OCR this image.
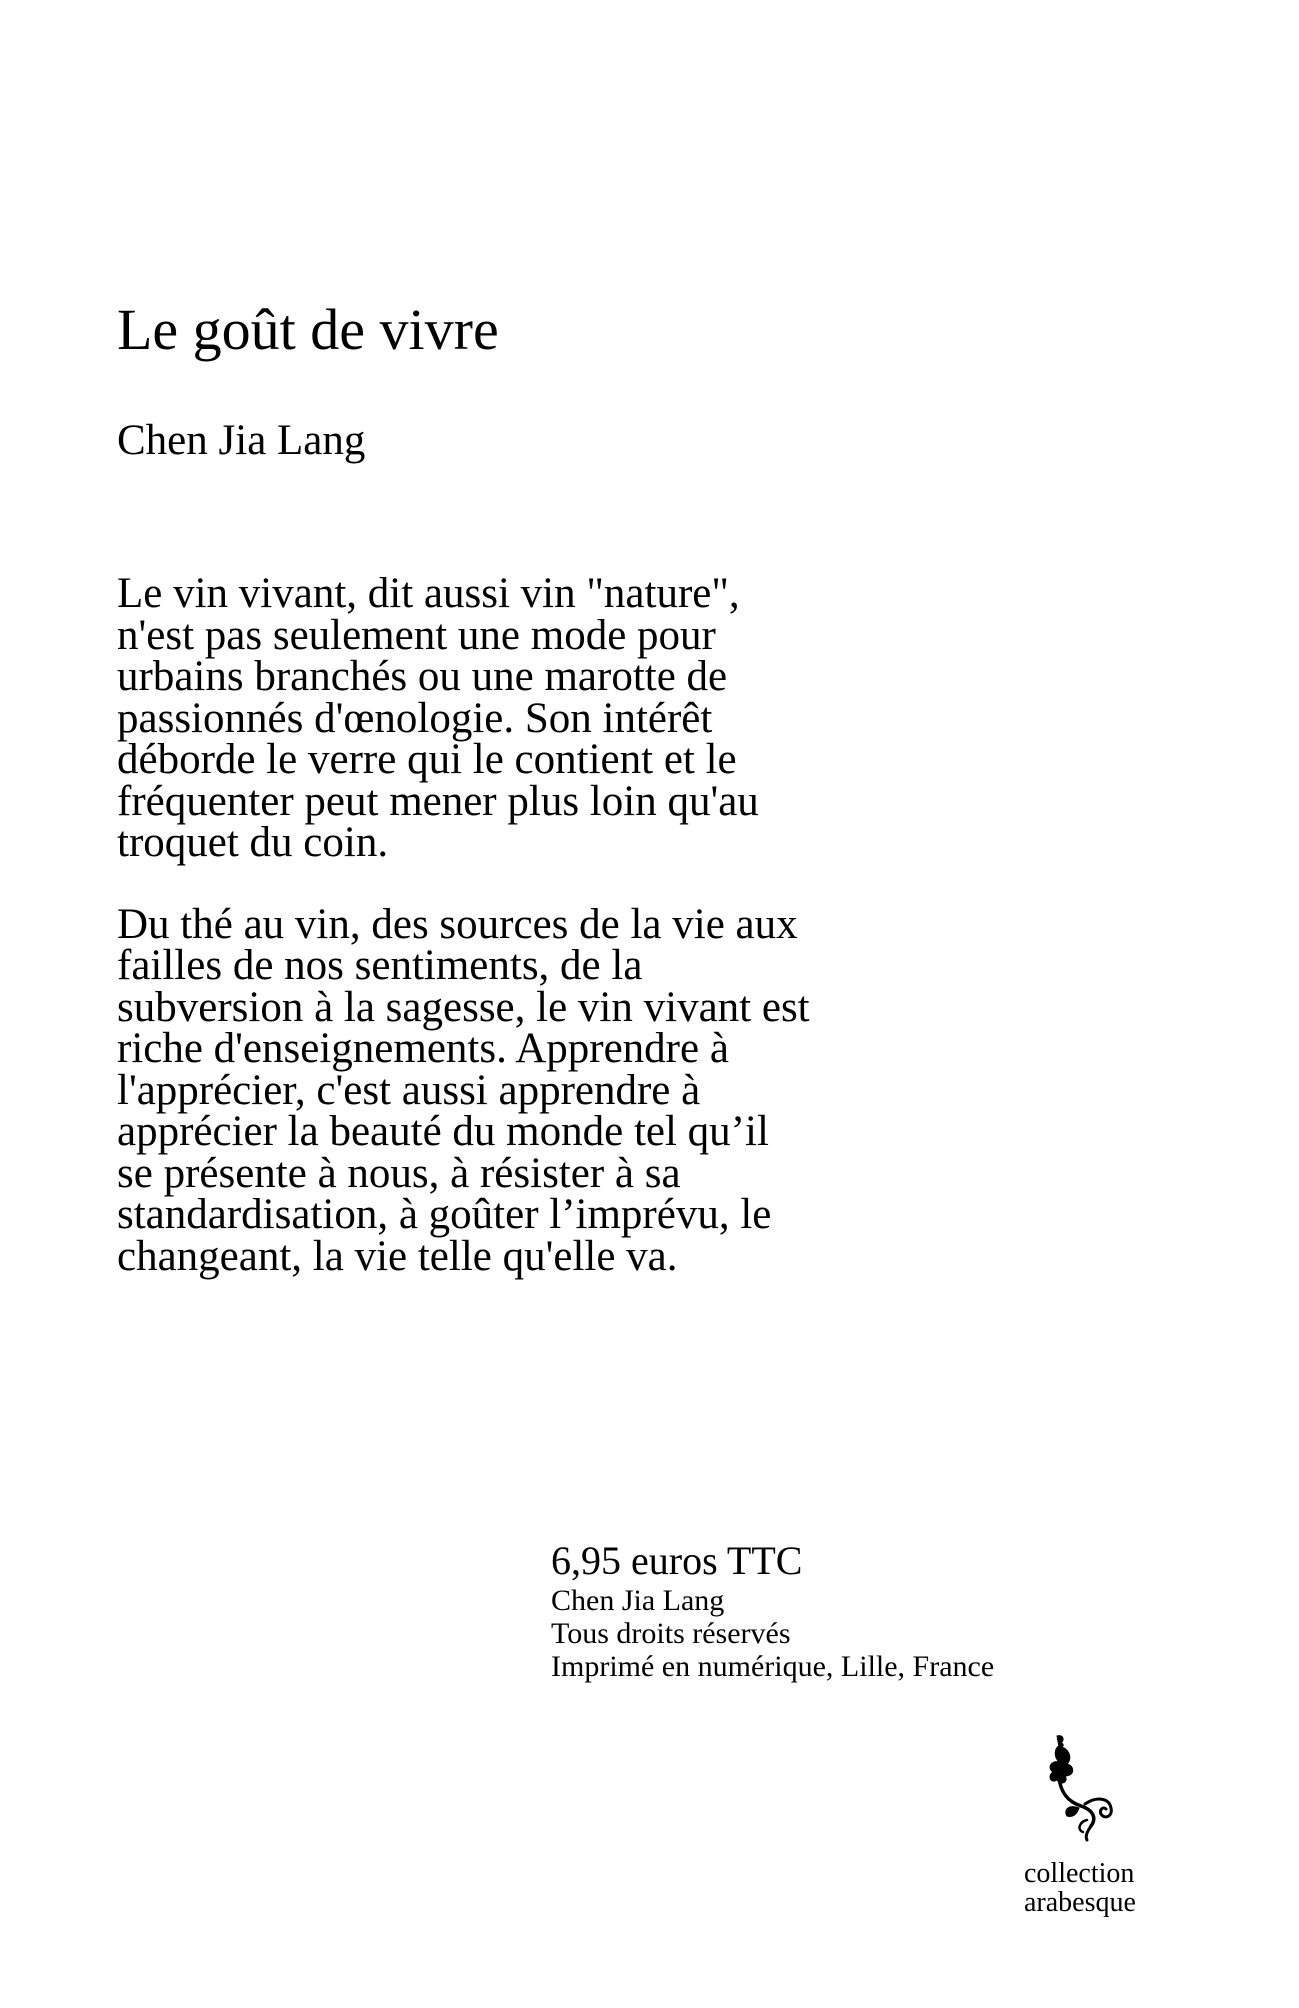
Le goût de vivre
Chen Jia Lang

Le vin vivant, dit aussi vin "nature",
n'est pas seulement une mode pour
urbains branchés ou une marotte de
passionnés d'œnologie. Son intérêt
déborde le verre qui le contient et le
fréquenter peut mener plus loin qu'au
troquet du coin.

Du thé au vin, des sources de la vie aux
failles de nos sentiments, de la
subversion à la sagesse, le vin vivant est
riche d'enseignements. Apprendre à
l'apprécier, c'est aussi apprendre à
apprécier la beauté du monde tel qu’il
se présente à nous, à résister à sa
standardisation, à goûter l’imprévu, le
changeant, la vie telle qu'elle va.

6,95 euros TTC
Chen Jia Lang
Tous droits réservés
Imprimé en numérique, Lille, France
collection
arabesque
